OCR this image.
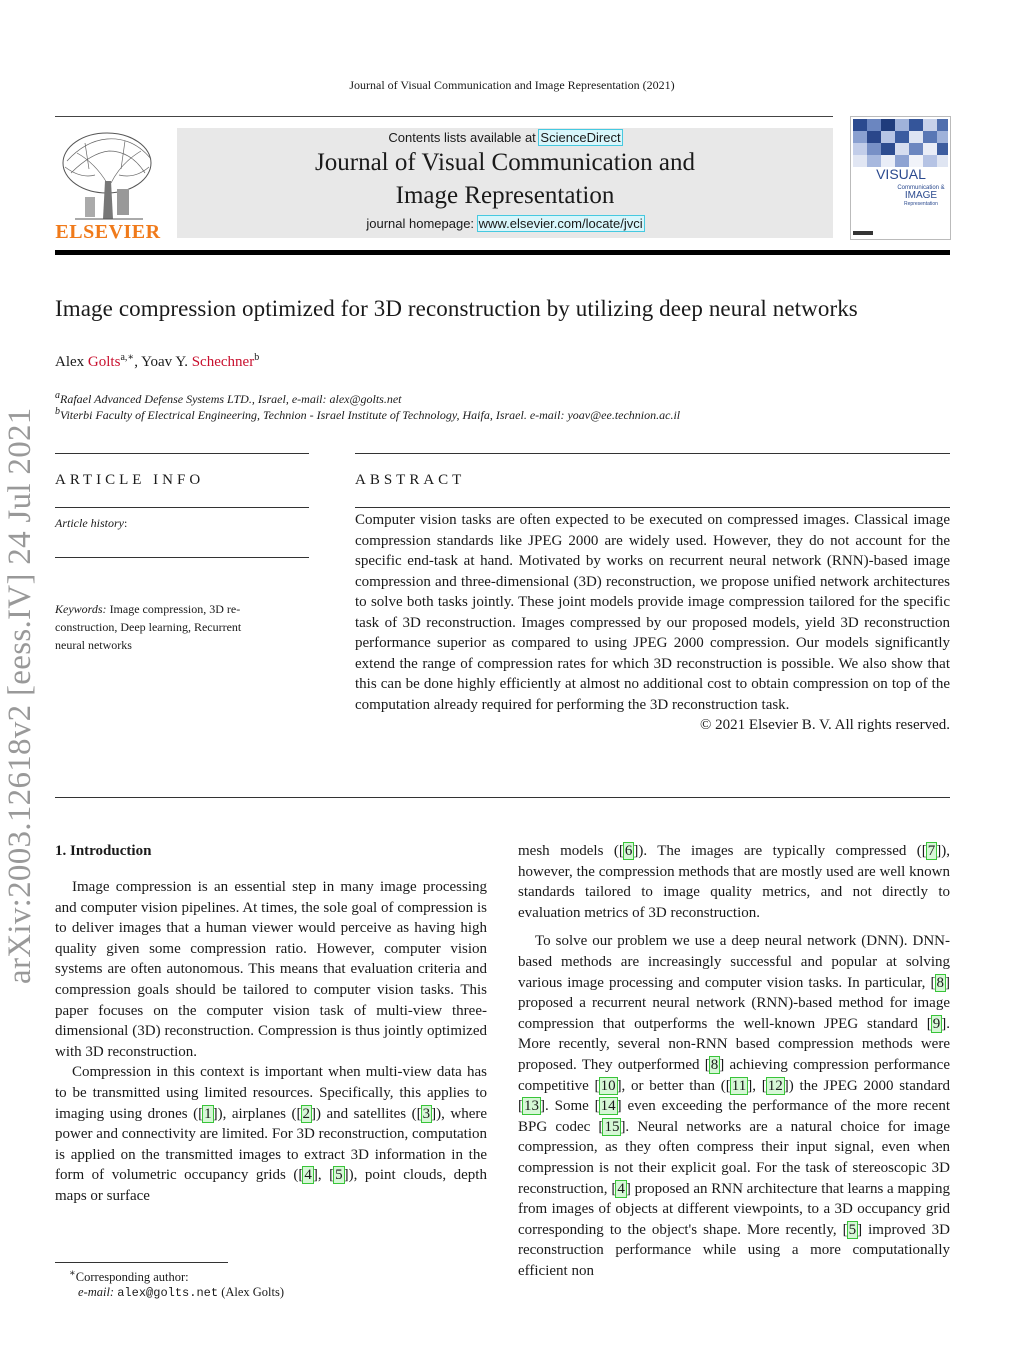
Journal of Visual Communication and Image Representation (2021)
ELSEVIER
Contents lists available at ScienceDirect
Journal of Visual Communication and
Image Representation
journal homepage: www.elsevier.com/locate/jvci
VISUAL
Communication &
IMAGE
Representation
Image compression optimized for 3D reconstruction by utilizing deep neural networks
Alex Golts$^{a,∗}$, Yoav Y. Schechner$^b$
$^a$Rafael Advanced Defense Systems LTD., Israel, e-mail: alex@golts.net
$^b$Viterbi Faculty of Electrical Engineering, Technion - Israel Institute of Technology, Haifa, Israel. e-mail: yoav@ee.technion.ac.il
ARTICLE INFO
Article history:
Keywords: Image compression, 3D re-
construction, Deep learning, Recurrent
neural networks
ABSTRACT
Computer vision tasks are often expected to be executed on compressed images. Classical image compression standards like JPEG 2000 are widely used. However, they do not account for the specific end-task at hand. Motivated by works on recurrent neural network (RNN)-based image compression and three-dimensional (3D) reconstruction, we propose unified network architectures to solve both tasks jointly. These joint models provide image compression tailored for the specific task of 3D reconstruction. Images compressed by our proposed models, yield 3D reconstruction performance superior as compared to using JPEG 2000 compression. Our models significantly extend the range of compression rates for which 3D reconstruction is possible. We also show that this can be done highly efficiently at almost no additional cost to obtain compression on top of the computation already required for performing the 3D reconstruction task.
© 2021 Elsevier B. V. All rights reserved.
arXiv:2003.12618v2 [eess.IV] 24 Jul 2021 1. Introduction

Image compression is an essential step in many image processing and computer vision pipelines. At times, the sole goal of compression is to deliver images that a human viewer would perceive as having high quality given some compression ratio. However, computer vision systems are often autonomous. This means that evaluation criteria and compression goals should be tailored to computer vision tasks. This paper focuses on the computer vision task of multi-view three-dimensional (3D) reconstruction. Compression is thus jointly optimized with 3D reconstruction.

Compression in this context is important when multi-view data has to be transmitted using limited resources. Specifically, this applies to imaging using drones ([1]), airplanes ([2]) and satellites ([3]), where power and connectivity are limited. For 3D reconstruction, computation is applied on the transmitted images to extract 3D information in the form of volumetric occupancy grids ([4], [5]), point clouds, depth maps or surface

mesh models ([6]). The images are typically compressed ([7]), however, the compression methods that are mostly used are well known standards tailored to image quality metrics, and not directly to evaluation metrics of 3D reconstruction.

To solve our problem we use a deep neural network (DNN). DNN-based methods are increasingly successful and popular at solving various image processing and computer vision tasks. In particular, [8] proposed a recurrent neural network (RNN)-based method for image compression that outperforms the well-known JPEG standard [9]. More recently, several non-RNN based compression methods were proposed. They outperformed [8] achieving compression performance competitive [10], or better than ([11], [12]) the JPEG 2000 standard [13]. Some [14] even exceeding the performance of the more recent BPG codec [15]. Neural networks are a natural choice for image compression, as they often compress their input signal, even when compression is not their explicit goal. For the task of stereoscopic 3D reconstruction, [4] proposed an RNN architecture that learns a mapping from images of objects at different viewpoints, to a 3D occupancy grid corresponding to the object's shape. More recently, [5] improved 3D reconstruction performance while using a more computationally efficient non

∗Corresponding author:
e-mail: alex@golts.net (Alex Golts)
